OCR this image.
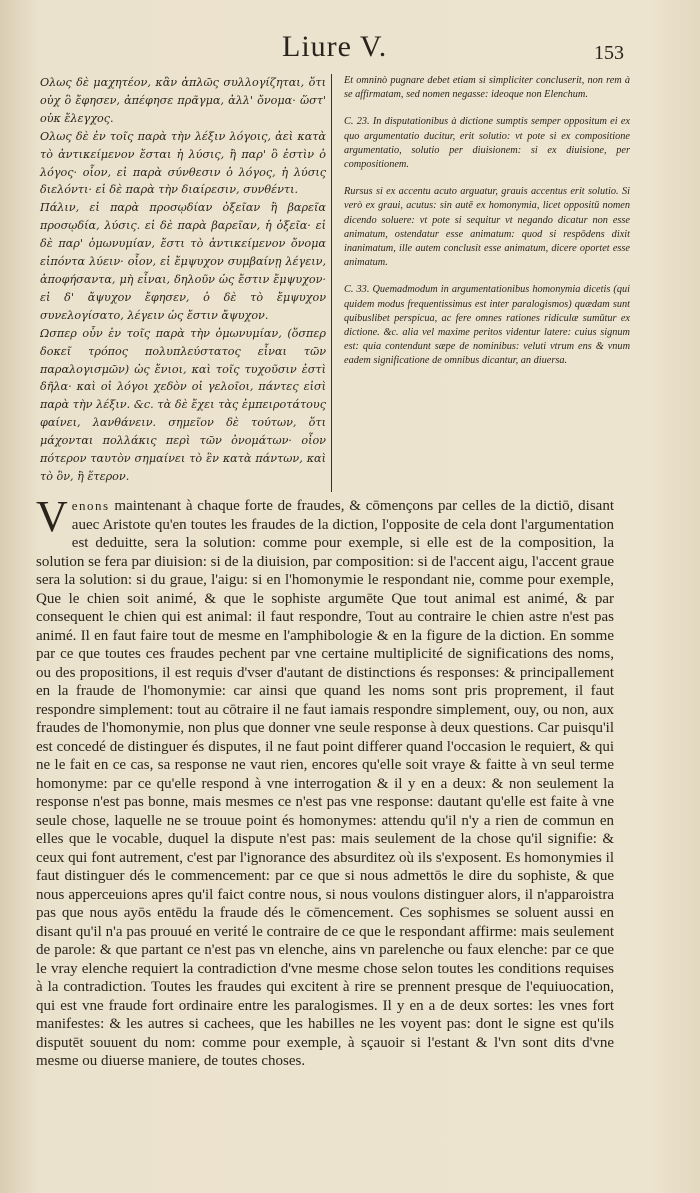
Liure V.	153

Ολως δὲ μαχητέον, κἂν ἁπλῶς συλλογίζηται, ὅτι οὐχ ὃ ἔφησεν, ἀπέφησε πρᾶγμα, ἀλλ' ὄνομα· ὥστ' οὐκ ἔλεγχος.

Ολως δὲ ἐν τοῖς παρὰ τὴν λέξιν λόγοις, ἀεὶ κατὰ τὸ ἀντικείμενον ἔσται ἡ λύσις, ἢ παρ' ὃ ἐστὶν ὁ λόγος· οἷον, εἰ παρὰ σύνθεσιν ὁ λόγος, ἡ λύσις διελόντι· εἰ δὲ παρὰ τὴν διαίρεσιν, συνθέντι.

Πάλιν, εἰ παρὰ προσῳδίαν ὀξεῖαν ἢ βαρεῖα προσῳδία, λύσις. εἰ δὲ παρὰ βαρεῖαν, ἡ ὀξεῖα· εἰ δὲ παρ' ὁμωνυμίαν, ἔστι τὸ ἀντικείμενον ὄνομα εἰπόντα λύειν· οἷον, εἰ ἔμψυχον συμβαίνῃ λέγειν, ἀποφήσαντα, μὴ εἶναι, δηλοῦν ὡς ἔστιν ἔμψυχον· εἰ δ' ἄψυχον ἔφησεν, ὁ δὲ τὸ ἔμψυχον συνελογίσατο, λέγειν ὡς ἔστιν ἄψυχον.

Ωσπερ οὖν ἐν τοῖς παρὰ τὴν ὁμωνυμίαν, (ὅσπερ δοκεῖ τρόπος πολυπλεύστατος εἶναι τῶν παραλογισμῶν) ὡς ἔνιοι, καὶ τοῖς τυχοῦσιν ἐστὶ δῆλα· καὶ οἱ λόγοι χεδὸν οἱ γελοῖοι, πάντες εἰσὶ παρὰ τὴν λέξιν. &c. τὰ δὲ ἔχει τὰς ἐμπειροτάτους φαίνει, λανθάνειν. σημεῖον δὲ τούτων, ὅτι μάχονται πολλάκις περὶ τῶν ὀνομάτων· οἷον πότερον ταυτὸν σημαίνει τὸ ἓν κατὰ πάντων, καὶ τὸ ὂν, ἢ ἕτερον.

Et omninò pugnare debet etiam si simpliciter concluserit, non rem à se affirmatam, sed nomen negasse: ideoque non Elenchum.

C. 23. In disputationibus à dictione sumptis semper oppositum ei ex quo argumentatio ducitur, erit solutio: vt pote si ex compositione argumentatio, solutio per diuisionem: si ex diuisione, per compositionem.

Rursus si ex accentu acuto arguatur, grauis accentus erit solutio. Si verò ex graui, acutus: sin autē ex homonymia, licet oppositū nomen dicendo soluere: vt pote si sequitur vt negando dicatur non esse animatum, ostendatur esse animatum: quod si respōdens dixit inanimatum, ille autem conclusit esse animatum, dicere oportet esse animatum.

C. 33. Quemadmodum in argumentationibus homonymia dicetis (qui quidem modus frequentissimus est inter paralogismos) quædam sunt quibuslibet perspicua, ac fere omnes rationes ridiculæ sumūtur ex dictione. &c. alia vel maxime peritos videntur latere: cuius signum est: quia contendunt sæpe de nominibus: veluti vtrum ens & vnum eadem significatione de omnibus dicantur, an diuersa.

Venons maintenant à chaque forte de fraudes, & cōmençons par celles de la dictiō, disant auec Aristote qu'en toutes les fraudes de la diction, l'opposite de cela dont l'argumentation est deduitte, sera la solution: comme pour exemple, si elle est de la composition, la solution se fera par diuision: si de la diuision, par composition: si de l'accent aigu, l'accent graue sera la solution: si du graue, l'aigu: si en l'homonymie le respondant nie, comme pour exemple, Que le chien soit animé, & que le sophiste argumēte Que tout animal est animé, & par consequent le chien qui est animal: il faut respondre, Tout au contraire le chien astre n'est pas animé. Il en faut faire tout de mesme en l'amphibologie & en la figure de la diction. En somme par ce que toutes ces fraudes pechent par vne certaine multiplicité de significations des noms, ou des propositions, il est requis d'vser d'autant de distinctions és responses: & principallement en la fraude de l'homonymie: car ainsi que quand les noms sont pris proprement, il faut respondre simplement: tout au cōtraire il ne faut iamais respondre simplement, ouy, ou non, aux fraudes de l'homonymie, non plus que donner vne seule response à deux questions. Car puisqu'il est concedé de distinguer és disputes, il ne faut point differer quand l'occasion le requiert, & qui ne le fait en ce cas, sa response ne vaut rien, encores qu'elle soit vraye & faitte à vn seul terme homonyme: par ce qu'elle respond à vne interrogation & il y en a deux: & non seulement la response n'est pas bonne, mais mesmes ce n'est pas vne response: dautant qu'elle est faite à vne seule chose, laquelle ne se trouue point és homonymes: attendu qu'il n'y a rien de commun en elles que le vocable, duquel la dispute n'est pas: mais seulement de la chose qu'il signifie: & ceux qui font autrement, c'est par l'ignorance des absurditez où ils s'exposent. Es homonymies il faut distinguer dés le commencement: par ce que si nous admettōs le dire du sophiste, & que nous apperceuions apres qu'il faict contre nous, si nous voulons distinguer alors, il n'apparoistra pas que nous ayōs entēdu la fraude dés le cōmencement. Ces sophismes se soluent aussi en disant qu'il n'a pas prouué en verité le contraire de ce que le respondant affirme: mais seulement de parole: & que partant ce n'est pas vn elenche, ains vn parelenche ou faux elenche: par ce que le vray elenche requiert la contradiction d'vne mesme chose selon toutes les conditions requises à la contradiction. Toutes les fraudes qui excitent à rire se prennent presque de l'equiuocation, qui est vne fraude fort ordinaire entre les paralogismes. Il y en a de deux sortes: les vnes fort manifestes: & les autres si cachees, que les habilles ne les voyent pas: dont le signe est qu'ils disputēt souuent du nom: comme pour exemple, à sçauoir si l'estant & l'vn sont dits d'vne mesme ou diuerse maniere, de toutes choses.
